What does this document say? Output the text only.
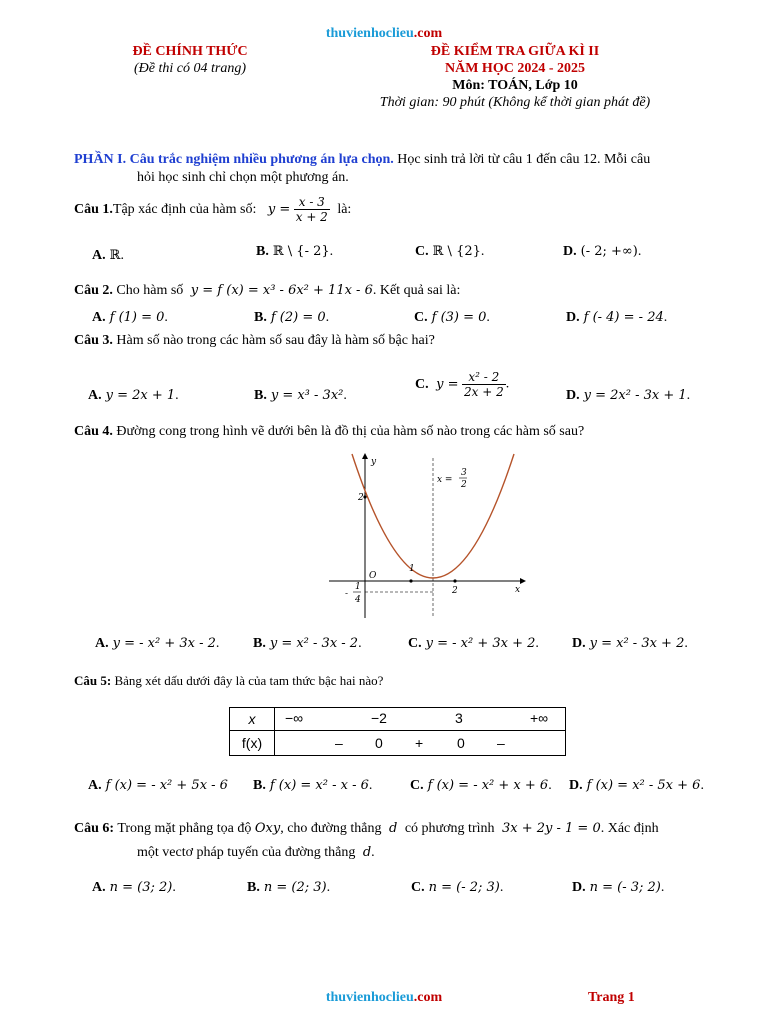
thuvienhoclieu.com
ĐỀ CHÍNH THỨC
(Đề thi có 04 trang)
ĐỀ KIỂM TRA GIỮA KÌ II
NĂM HỌC 2024 - 2025
Môn: TOÁN, Lớp 10
Thời gian: 90 phút (Không kể thời gian phát đề)
PHẦN I. Câu trắc nghiệm nhiều phương án lựa chọn. Học sinh trả lời từ câu 1 đến câu 12. Mỗi câu
hỏi học sinh chỉ chọn một phương án.
Câu 1.Tập xác định của hàm số: $y = \frac{x - 3}{x + 2}$ là:
A. ℝ.	B. ℝ \ {- 2}.	C. ℝ \ {2}.	D. (- 2; +∞).
Câu 2. Cho hàm số y = f (x) = x³ - 6x² + 11x - 6. Kết quả sai là:
A. f (1) = 0.	B. f (2) = 0.	C. f (3) = 0.	D. f (- 4) = - 24.
Câu 3. Hàm số nào trong các hàm số sau đây là hàm số bậc hai?
A. y = 2x + 1.	B. y = x³ - 3x².
C. $y = \frac{\text{x² - 2}}{2x + 2}$ .
D. y = 2x² - 3x + 1.
Câu 4. Đường cong trong hình vẽ dưới bên là đồ thị của hàm số nào trong các hàm số sau?
y
x
O
2
1
2
x =
3
2
-
1
4
A. y = - x² + 3x - 2. B. y = x² - 3x - 2.	C. y = - x² + 3x + 2. D. y = x² - 3x + 2.
Câu 5: Bảng xét dấu dưới đây là của tam thức bậc hai nào?
x	−∞ −2 3 +∞

f(x)	– 0 + 0 –
A. f (x) = - x² + 5x - 6 B. f (x) = x² - x - 6.	C. f (x) = - x² + x + 6. D. f (x) = x² - 5x + 6.
Câu 6: Trong mặt phẳng tọa độ Oxy, cho đường thẳng d có phương trình 3x + 2y - 1 = 0. Xác định
một vectơ pháp tuyến của đường thẳng d.
A. n = (3; 2).	B. n = (2; 3).	C. n = (- 2; 3).	D. n = (- 3; 2).
thuvienhoclieu.com	Trang 1
